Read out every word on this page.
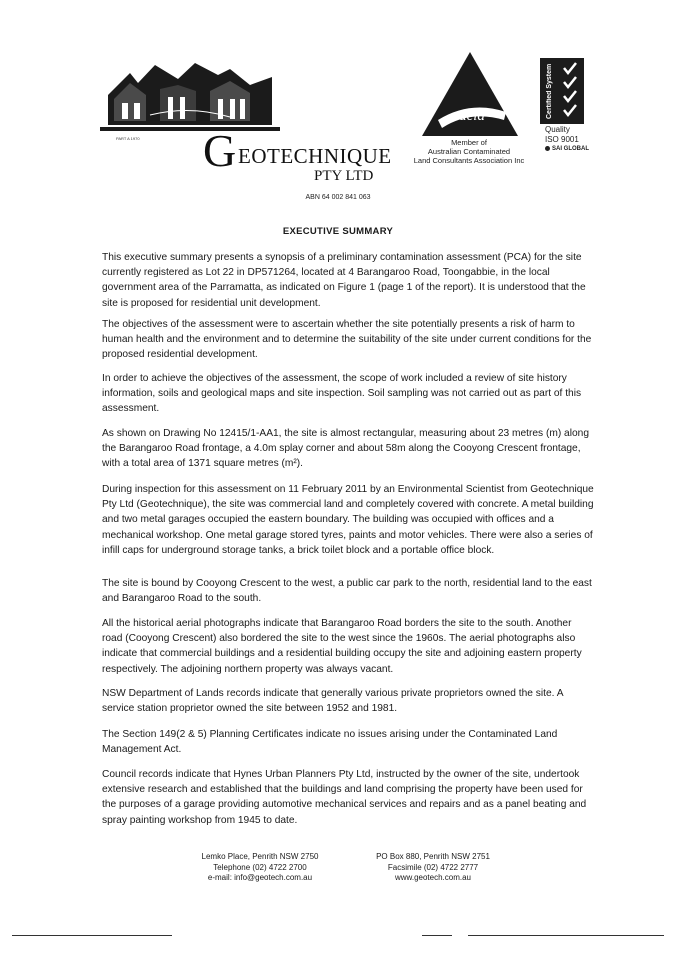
PART A 1970 G EOTECHNIQUE
PTY LTD
acla
Member of
Australian Contaminated
Land Consultants Association Inc
Certified System
Quality
ISO 9001
SAI GLOBAL
ABN 64 002 841 063
EXECUTIVE SUMMARY
This executive summary presents a synopsis of a preliminary contamination assessment (PCA) for the site currently registered as Lot 22 in DP571264, located at 4 Barangaroo Road, Toongabbie, in the local government area of the Parramatta, as indicated on Figure 1 (page 1 of the report). It is understood that the site is proposed for residential unit development.
The objectives of the assessment were to ascertain whether the site potentially presents a risk of harm to human health and the environment and to determine the suitability of the site under current conditions for the proposed residential development.
In order to achieve the objectives of the assessment, the scope of work included a review of site history information, soils and geological maps and site inspection. Soil sampling was not carried out as part of this assessment.
As shown on Drawing No 12415/1-AA1, the site is almost rectangular, measuring about 23 metres (m) along the Barangaroo Road frontage, a 4.0m splay corner and about 58m along the Cooyong Crescent frontage, with a total area of 1371 square metres (m²).
During inspection for this assessment on 11 February 2011 by an Environmental Scientist from Geotechnique Pty Ltd (Geotechnique), the site was commercial land and completely covered with concrete. A metal building and two metal garages occupied the eastern boundary. The building was occupied with offices and a mechanical workshop. One metal garage stored tyres, paints and motor vehicles. There were also a series of infill caps for underground storage tanks, a brick toilet block and a portable office block.
The site is bound by Cooyong Crescent to the west, a public car park to the north, residential land to the east and Barangaroo Road to the south.
All the historical aerial photographs indicate that Barangaroo Road borders the site to the south. Another road (Cooyong Crescent) also bordered the site to the west since the 1960s. The aerial photographs also indicate that commercial buildings and a residential building occupy the site and adjoining eastern property respectively. The adjoining northern property was always vacant.
NSW Department of Lands records indicate that generally various private proprietors owned the site. A service station proprietor owned the site between 1952 and 1981.
The Section 149(2 & 5) Planning Certificates indicate no issues arising under the Contaminated Land Management Act.
Council records indicate that Hynes Urban Planners Pty Ltd, instructed by the owner of the site, undertook extensive research and established that the buildings and land comprising the property have been used for the purposes of a garage providing automotive mechanical services and repairs and as a panel beating and spray painting workshop from 1945 to date.
Lemko Place, Penrith NSW 2750
Telephone (02) 4722 2700
e-mail: info@geotech.com.au
PO Box 880, Penrith NSW 2751
Facsimile (02) 4722 2777
www.geotech.com.au
